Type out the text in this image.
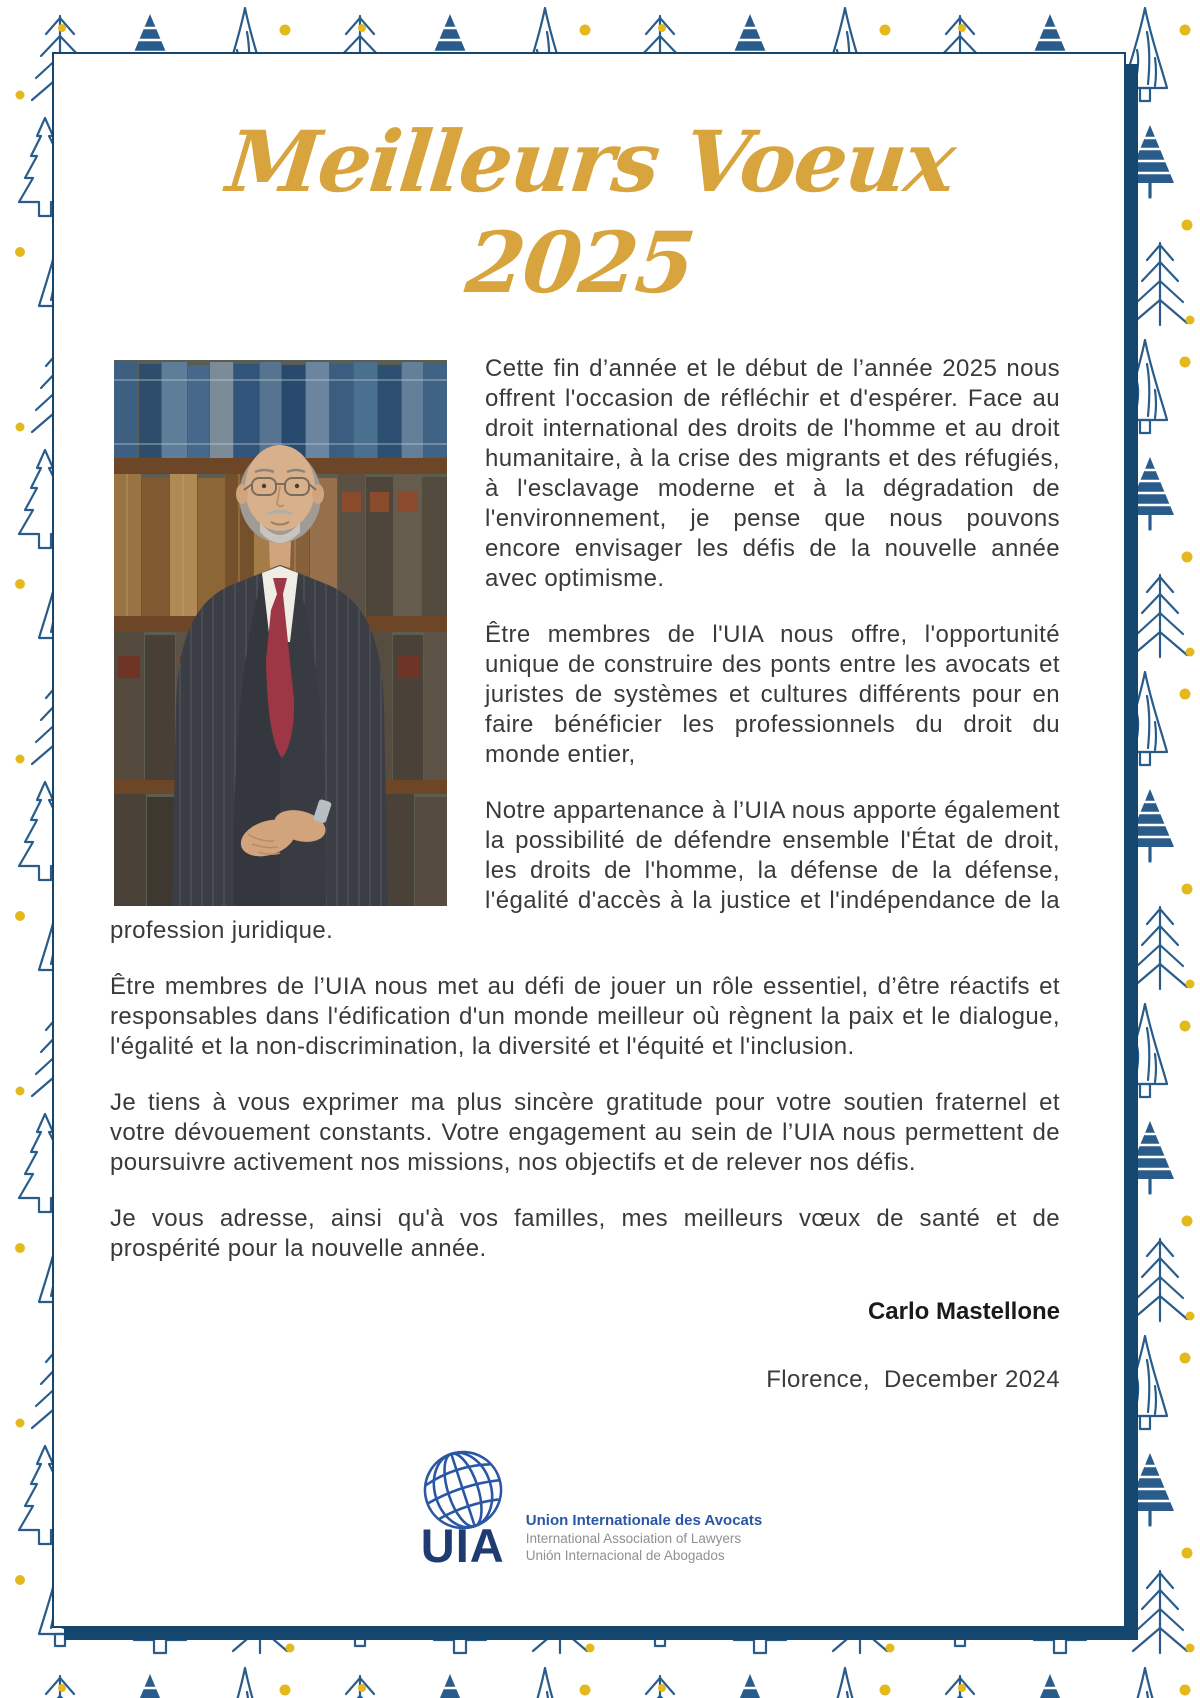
Meilleurs Voeux 2025

Cette fin d’année et le début de l’année 2025 nous offrent l'occasion de réfléchir et d'espérer. Face au droit international des droits de l'homme et au droit humanitaire, à la crise des migrants et des réfugiés, à l'esclavage moderne et à la dégradation de l'environnement, je pense que nous pouvons encore envisager les défis de la nouvelle année avec optimisme.

Être membres de l'UIA nous offre, l'opportunité unique de construire des ponts entre les avocats et juristes de systèmes et cultures différents pour en faire bénéficier les professionnels du droit du monde entier,

Notre appartenance à l’UIA nous apporte également la possibilité de défendre ensemble l'État de droit, les droits de l'homme, la défense de la défense, l'égalité d'accès à la justice et l'indépendance de la profession juridique.

Être membres de l’UIA nous met au défi de jouer un rôle essentiel, d’être réactifs et responsables dans l'édification d'un monde meilleur où règnent la paix et le dialogue, l'égalité et la non-discrimination, la diversité et l'équité et l'inclusion.

Je tiens à vous exprimer ma plus sincère gratitude pour votre soutien fraternel et votre dévouement constants. Votre engagement au sein de l’UIA nous permettent de poursuivre activement nos missions, nos objectifs et de relever nos défis.

Je vous adresse, ainsi qu'à vos familles, mes meilleurs vœux de santé et de prospérité pour la nouvelle année.

Carlo Mastellone
Florence,  December 2024
UIA Union Internationale des Avocats
International Association of Lawyers
Unión Internacional de Abogados
